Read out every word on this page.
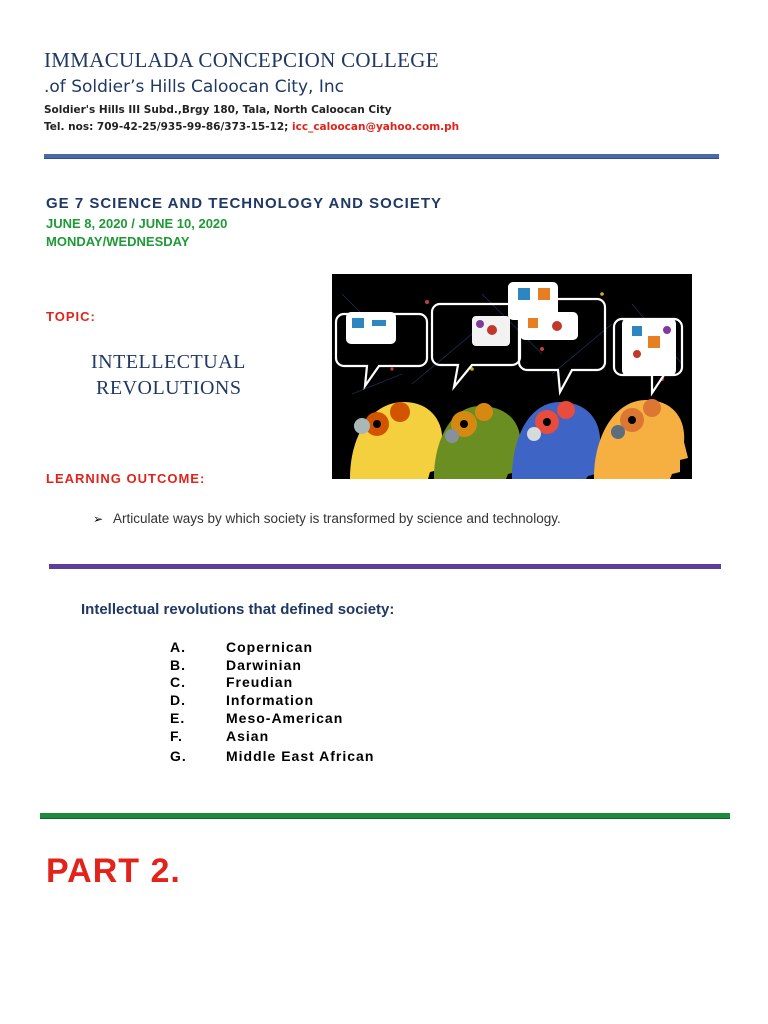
IMMACULADA CONCEPCION COLLEGE
.of Soldier’s Hills Caloocan City, Inc
Soldier's Hills III Subd.,Brgy 180, Tala, North Caloocan City
Tel. nos: 709-42-25/935-99-86/373-15-12; icc_caloocan@yahoo.com.ph
GE 7 SCIENCE AND TECHNOLOGY AND SOCIETY
JUNE 8, 2020 / JUNE 10, 2020
MONDAY/WEDNESDAY
TOPIC:
INTELLECTUAL
REVOLUTIONS
LEARNING OUTCOME:
➢ Articulate ways by which society is transformed by science and technology.
Intellectual revolutions that defined society:
A.	Copernican
B.	Darwinian
C.	Freudian
D.	Information
E.	Meso-American
F.	Asian
G.	Middle East African
PART 2.
